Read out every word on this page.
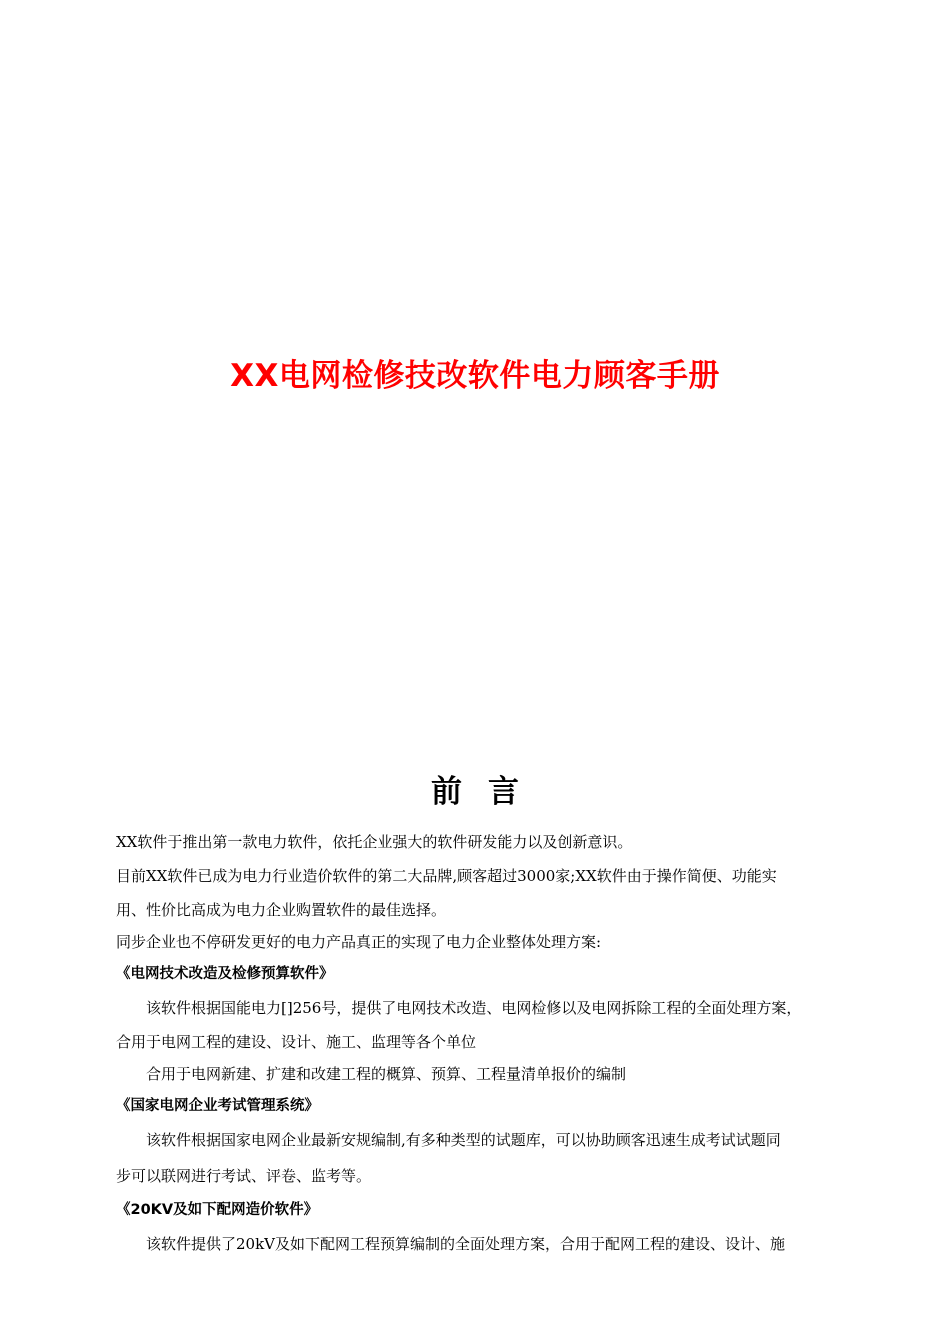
XX电网检修技改软件电力顾客手册
前言

XX软件于推出第一款电力软件，依托企业强大的软件研发能力以及创新意识。

目前XX软件已成为电力行业造价软件的第二大品牌,顾客超过3000家;XX软件由于操作简便、功能实

用、性价比高成为电力企业购置软件的最佳选择。

同步企业也不停研发更好的电力产品真正的实现了电力企业整体处理方案:

《电网技术改造及检修预算软件》

该软件根据国能电力[]256号，提供了电网技术改造、电网检修以及电网拆除工程的全面处理方案，

合用于电网工程的建设、设计、施工、监理等各个单位

合用于电网新建、扩建和改建工程的概算、预算、工程量清单报价的编制

《国家电网企业考试管理系统》

该软件根据国家电网企业最新安规编制,有多种类型的试题库，可以协助顾客迅速生成考试试题同

步可以联网进行考试、评卷、监考等。

《20KV及如下配网造价软件》

该软件提供了20kV及如下配网工程预算编制的全面处理方案，合用于配网工程的建设、设计、施
